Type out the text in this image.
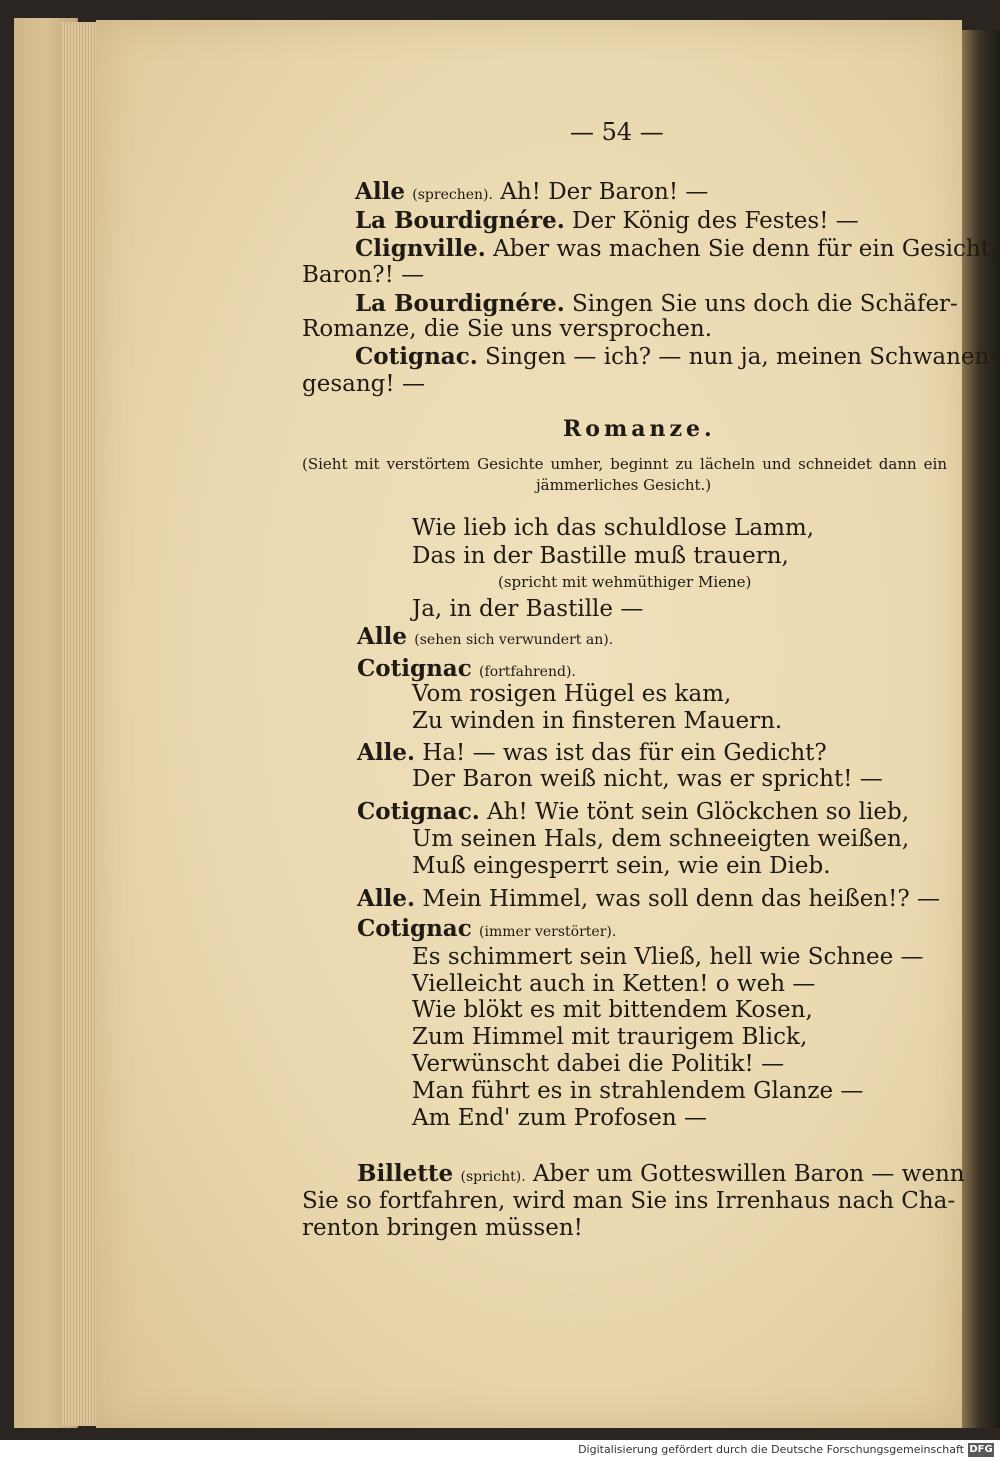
— 54 —
Alle (sprechen). Ah! Der Baron! —
La Bourdignére. Der König des Festes! —
Clignville. Aber was machen Sie denn für ein Gesicht,
Baron?! —
La Bourdignére. Singen Sie uns doch die Schäfer-
Romanze, die Sie uns versprochen.
Cotignac. Singen — ich? — nun ja, meinen Schwanen-
gesang! —
Romanze.
(Sieht mit verstörtem Gesichte umher, beginnt zu lächeln und schneidet dann ein
jämmerliches Gesicht.)
Wie lieb ich das schuldlose Lamm,
Das in der Bastille muß trauern,
(spricht mit wehmüthiger Miene)
Ja, in der Bastille —
Alle (sehen sich verwundert an).
Cotignac (fortfahrend).
Vom rosigen Hügel es kam,
Zu winden in finsteren Mauern.
Alle. Ha! — was ist das für ein Gedicht?
Der Baron weiß nicht, was er spricht! —
Cotignac. Ah! Wie tönt sein Glöckchen so lieb,
Um seinen Hals, dem schneeigten weißen,
Muß eingesperrt sein, wie ein Dieb.
Alle. Mein Himmel, was soll denn das heißen!? —
Cotignac (immer verstörter).
Es schimmert sein Vließ, hell wie Schnee —
Vielleicht auch in Ketten! o weh —
Wie blökt es mit bittendem Kosen,
Zum Himmel mit traurigem Blick,
Verwünscht dabei die Politik! —
Man führt es in strahlendem Glanze —
Am End' zum Profosen —
Billette (spricht). Aber um Gotteswillen Baron — wenn
Sie so fortfahren, wird man Sie ins Irrenhaus nach Cha-
renton bringen müssen!
Digitalisierung gefördert durch die Deutsche Forschungsgemeinschaft DFG
